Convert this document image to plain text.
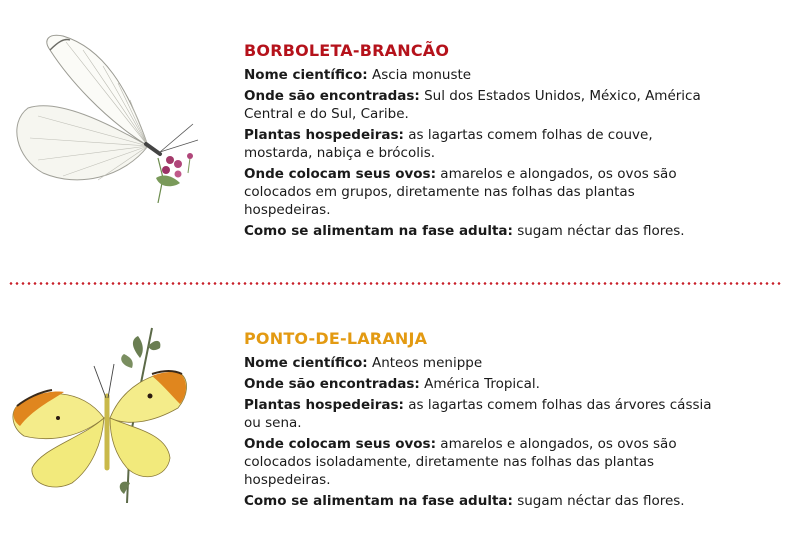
BORBOLETA-BRANCÃO

Nome científico: Ascia monuste

Onde são encontradas: Sul dos Estados Unidos, México, América Central e do Sul, Caribe.

Plantas hospedeiras: as lagartas comem folhas de couve, mostarda, nabiça e brócolis.

Onde colocam seus ovos: amarelos e alongados, os ovos são colocados em grupos, diretamente nas folhas das plantas hospedeiras.

Como se alimentam na fase adulta: sugam néctar das flores.

PONTO-DE-LARANJA

Nome científico: Anteos menippe

Onde são encontradas: América Tropical.

Plantas hospedeiras: as lagartas comem folhas das árvores cássia ou sena.

Onde colocam seus ovos: amarelos e alongados, os ovos são colocados isoladamente, diretamente nas folhas das plantas hospedeiras.

Como se alimentam na fase adulta: sugam néctar das flores.
